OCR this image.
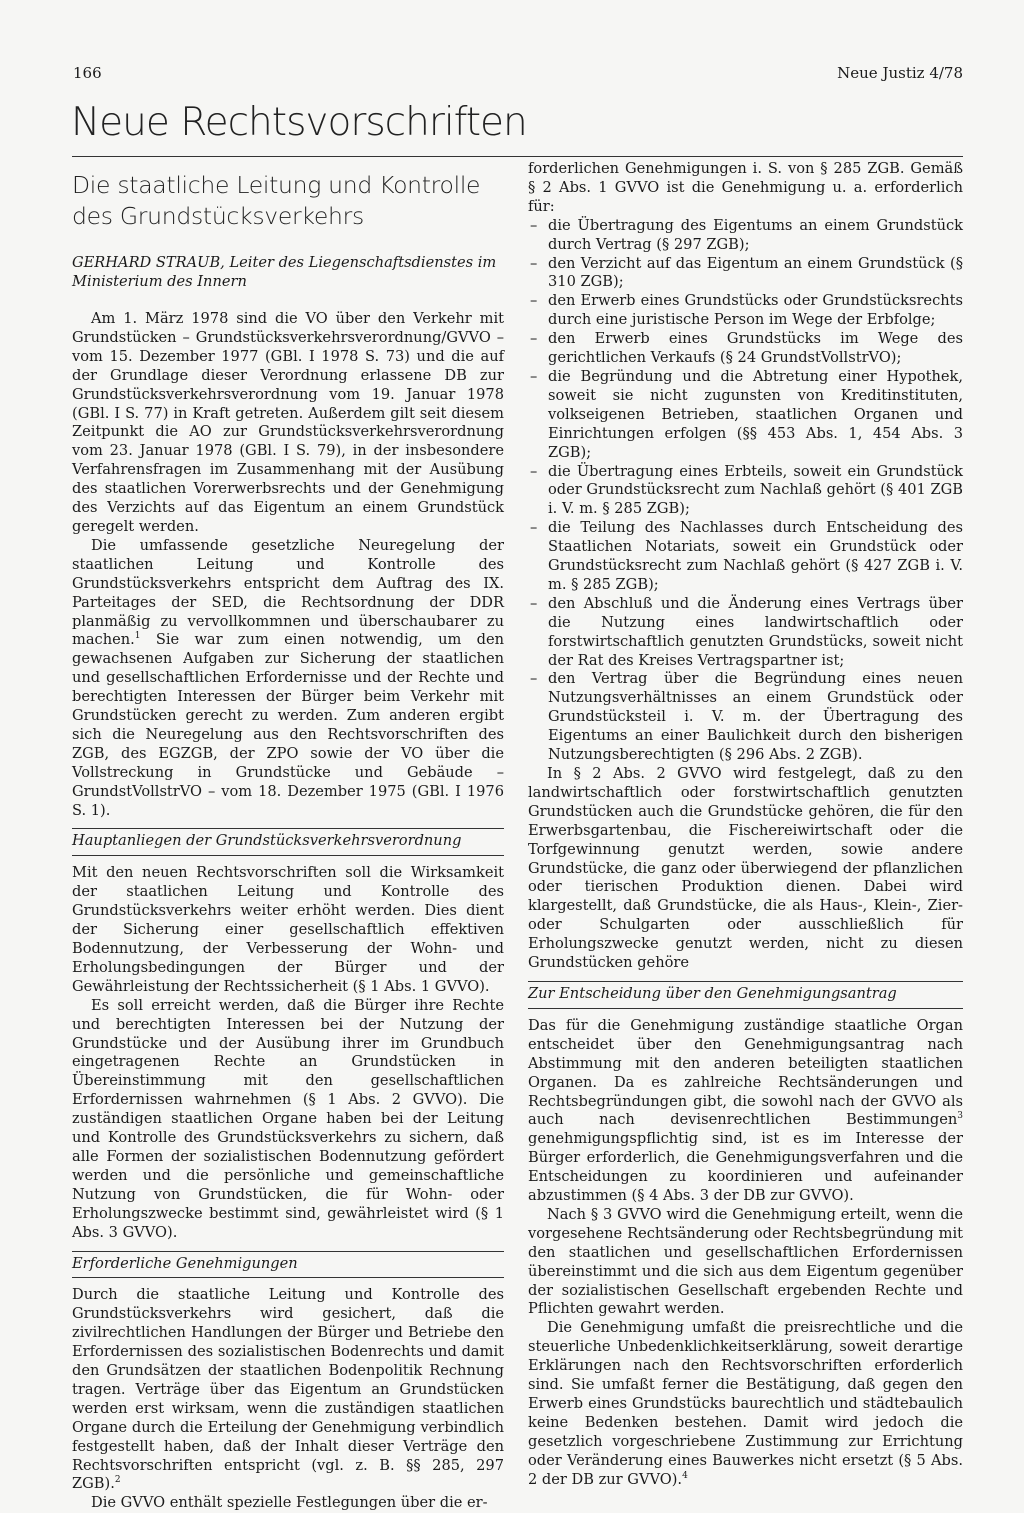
166	Neue Justiz 4/78
Neue Rechtsvorschriften
Die staatliche Leitung und Kontrolle des Grundstücksverkehrs
GERHARD STRAUB, Leiter des Liegenschaftsdienstes im Ministerium des Innern

Am 1. März 1978 sind die VO über den Verkehr mit Grundstücken – Grundstücksverkehrsverordnung/GVVO – vom 15. Dezember 1977 (GBl. I 1978 S. 73) und die auf der Grundlage dieser Verordnung erlassene DB zur Grundstücksverkehrsverordnung vom 19. Januar 1978 (GBl. I S. 77) in Kraft getreten. Außerdem gilt seit diesem Zeitpunkt die AO zur Grundstücksverkehrsverordnung vom 23. Januar 1978 (GBl. I S. 79), in der insbesondere Verfahrensfragen im Zusammenhang mit der Ausübung des staatlichen Vorerwerbsrechts und der Genehmigung des Verzichts auf das Eigentum an einem Grundstück geregelt werden.

Die umfassende gesetzliche Neuregelung der staatlichen Leitung und Kontrolle des Grundstücksverkehrs entspricht dem Auftrag des IX. Parteitages der SED, die Rechtsordnung der DDR planmäßig zu vervollkommnen und überschaubarer zu machen.$^1$ Sie war zum einen notwendig, um den gewachsenen Aufgaben zur Sicherung der staatlichen und gesellschaftlichen Erfordernisse und der Rechte und berechtigten Interessen der Bürger beim Verkehr mit Grundstücken gerecht zu werden. Zum anderen ergibt sich die Neuregelung aus den Rechtsvorschriften des ZGB, des EGZGB, der ZPO sowie der VO über die Vollstreckung in Grundstücke und Gebäude – GrundstVollstrVO – vom 18. Dezember 1975 (GBl. I 1976 S. 1).

Hauptanliegen der Grundstücksverkehrsverordnung

Mit den neuen Rechtsvorschriften soll die Wirksamkeit der staatlichen Leitung und Kontrolle des Grundstücksverkehrs weiter erhöht werden. Dies dient der Sicherung einer gesellschaftlich effektiven Bodennutzung, der Verbesserung der Wohn- und Erholungsbedingungen der Bürger und der Gewährleistung der Rechtssicherheit (§ 1 Abs. 1 GVVO).

Es soll erreicht werden, daß die Bürger ihre Rechte und berechtigten Interessen bei der Nutzung der Grundstücke und der Ausübung ihrer im Grundbuch eingetragenen Rechte an Grundstücken in Übereinstimmung mit den gesellschaftlichen Erfordernissen wahrnehmen (§ 1 Abs. 2 GVVO). Die zuständigen staatlichen Organe haben bei der Leitung und Kontrolle des Grundstücksverkehrs zu sichern, daß alle Formen der sozialistischen Bodennutzung gefördert werden und die persönliche und gemeinschaftliche Nutzung von Grundstücken, die für Wohn- oder Erholungszwecke bestimmt sind, gewährleistet wird (§ 1 Abs. 3 GVVO).

Erforderliche Genehmigungen

Durch die staatliche Leitung und Kontrolle des Grundstücksverkehrs wird gesichert, daß die zivilrechtlichen Handlungen der Bürger und Betriebe den Erfordernissen des sozialistischen Bodenrechts und damit den Grundsätzen der staatlichen Bodenpolitik Rechnung tragen. Verträge über das Eigentum an Grundstücken werden erst wirksam, wenn die zuständigen staatlichen Organe durch die Erteilung der Genehmigung verbindlich festgestellt haben, daß der Inhalt dieser Verträge den Rechtsvorschriften entspricht (vgl. z. B. §§ 285, 297 ZGB).$^2$

Die GVVO enthält spezielle Festlegungen über die er-

forderlichen Genehmigungen i. S. von § 285 ZGB. Gemäß § 2 Abs. 1 GVVO ist die Genehmigung u. a. erforderlich für:

– die Übertragung des Eigentums an einem Grundstück durch Vertrag (§ 297 ZGB);
– den Verzicht auf das Eigentum an einem Grundstück (§ 310 ZGB);
– den Erwerb eines Grundstücks oder Grundstücksrechts durch eine juristische Person im Wege der Erbfolge;
– den Erwerb eines Grundstücks im Wege des gerichtlichen Verkaufs (§ 24 GrundstVollstrVO);
– die Begründung und die Abtretung einer Hypothek, soweit sie nicht zugunsten von Kreditinstituten, volkseigenen Betrieben, staatlichen Organen und Einrichtungen erfolgen (§§ 453 Abs. 1, 454 Abs. 3 ZGB);
– die Übertragung eines Erbteils, soweit ein Grundstück oder Grundstücksrecht zum Nachlaß gehört (§ 401 ZGB i. V. m. § 285 ZGB);
– die Teilung des Nachlasses durch Entscheidung des Staatlichen Notariats, soweit ein Grundstück oder Grundstücksrecht zum Nachlaß gehört (§ 427 ZGB i. V. m. § 285 ZGB);
– den Abschluß und die Änderung eines Vertrags über die Nutzung eines landwirtschaftlich oder forstwirtschaftlich genutzten Grundstücks, soweit nicht der Rat des Kreises Vertragspartner ist;
– den Vertrag über die Begründung eines neuen Nutzungsverhältnisses an einem Grundstück oder Grundstücksteil i. V. m. der Übertragung des Eigentums an einer Baulichkeit durch den bisherigen Nutzungsberechtigten (§ 296 Abs. 2 ZGB).

In § 2 Abs. 2 GVVO wird festgelegt, daß zu den landwirtschaftlich oder forstwirtschaftlich genutzten Grundstücken auch die Grundstücke gehören, die für den Erwerbsgartenbau, die Fischereiwirtschaft oder die Torfgewinnung genutzt werden, sowie andere Grundstücke, die ganz oder überwiegend der pflanzlichen oder tierischen Produktion dienen. Dabei wird klargestellt, daß Grundstücke, die als Haus-, Klein-, Zier- oder Schulgarten oder ausschließlich für Erholungszwecke genutzt werden, nicht zu diesen Grundstücken gehöre

Zur Entscheidung über den Genehmigungsantrag

Das für die Genehmigung zuständige staatliche Organ entscheidet über den Genehmigungsantrag nach Abstimmung mit den anderen beteiligten staatlichen Organen. Da es zahlreiche Rechtsänderungen und Rechtsbegründungen gibt, die sowohl nach der GVVO als auch nach devisenrechtlichen Bestimmungen$^3$ genehmigungspflichtig sind, ist es im Interesse der Bürger erforderlich, die Genehmigungsverfahren und die Entscheidungen zu koordinieren und aufeinander abzustimmen (§ 4 Abs. 3 der DB zur GVVO).

Nach § 3 GVVO wird die Genehmigung erteilt, wenn die vorgesehene Rechtsänderung oder Rechtsbegründung mit den staatlichen und gesellschaftlichen Erfordernissen übereinstimmt und die sich aus dem Eigentum gegenüber der sozialistischen Gesellschaft ergebenden Rechte und Pflichten gewahrt werden.

Die Genehmigung umfaßt die preisrechtliche und die steuerliche Unbedenklichkeitserklärung, soweit derartige Erklärungen nach den Rechtsvorschriften erforderlich sind. Sie umfaßt ferner die Bestätigung, daß gegen den Erwerb eines Grundstücks baurechtlich und städtebaulich keine Bedenken bestehen. Damit wird jedoch die gesetzlich vorgeschriebene Zustimmung zur Errichtung oder Veränderung eines Bauwerkes nicht ersetzt (§ 5 Abs. 2 der DB zur GVVO).$^4$
